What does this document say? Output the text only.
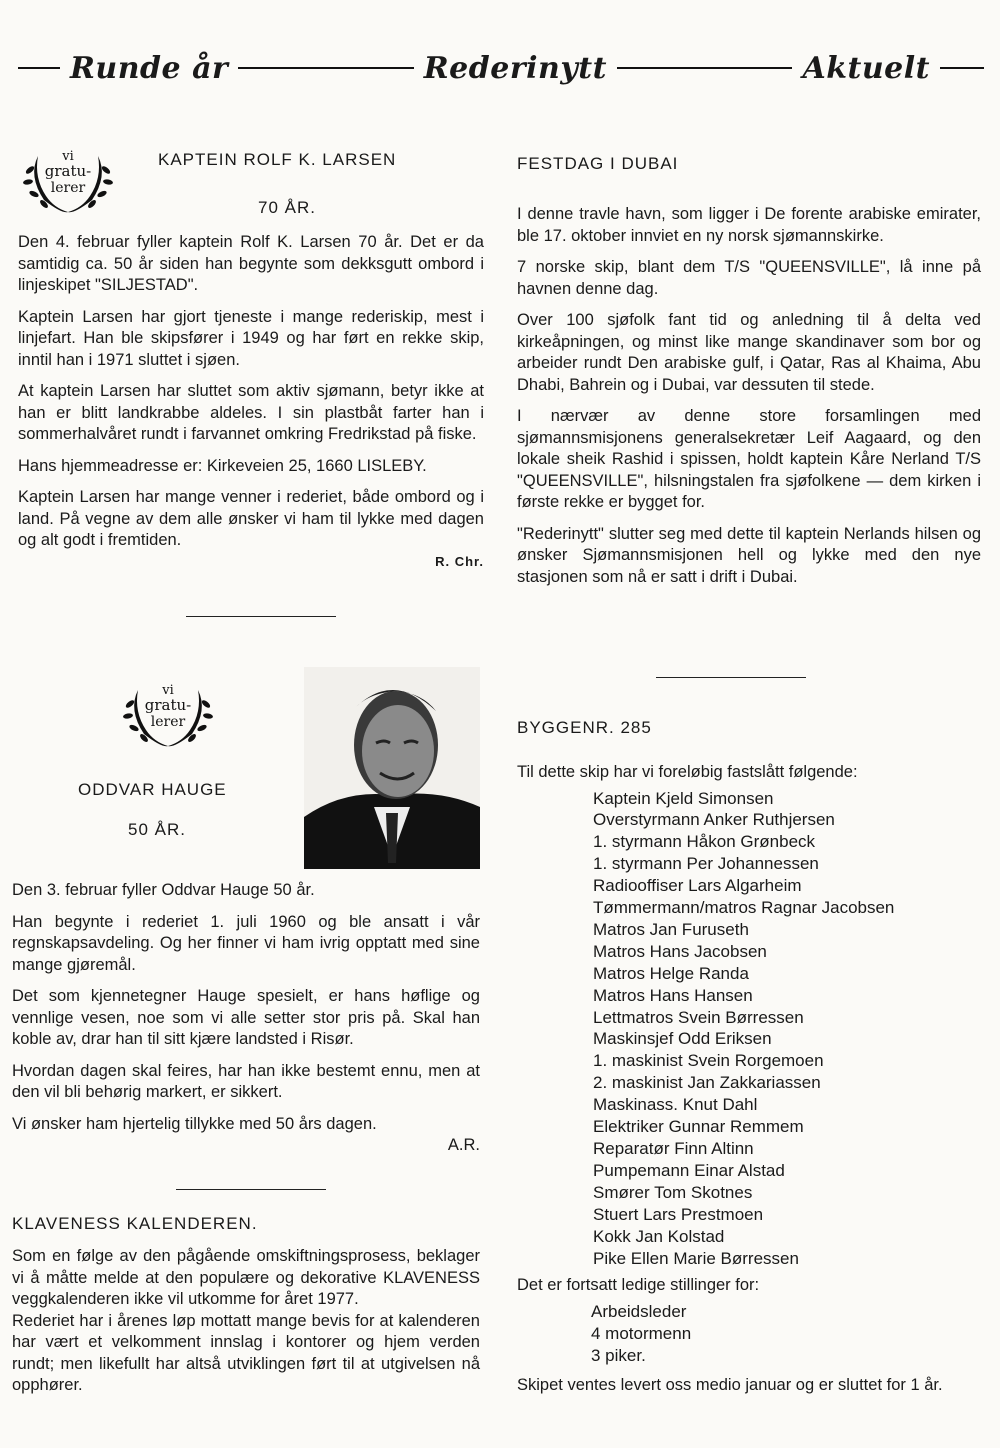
Runde år	Rederinytt	Aktuelt
vi
gratu-
lerer

KAPTEIN ROLF K. LARSEN

70 ÅR.

Den 4. februar fyller kaptein Rolf K. Larsen 70 år. Det er da samtidig ca. 50 år siden han begynte som dekksgutt ombord i linjeskipet "SILJESTAD".

Kaptein Larsen har gjort tjeneste i mange rederiskip, mest i linjefart. Han ble skipsfører i 1949 og har ført en rekke skip, inntil han i 1971 sluttet i sjøen.

At kaptein Larsen har sluttet som aktiv sjømann, betyr ikke at han er blitt landkrabbe aldeles. I sin plastbåt farter han i sommerhalvåret rundt i farvannet omkring Fredrikstad på fiske.

Hans hjemmeadresse er: Kirkeveien 25, 1660 LISLEBY.

Kaptein Larsen har mange venner i rederiet, både ombord og i land. På vegne av dem alle ønsker vi ham til lykke med dagen og alt godt i fremtiden.

R. Chr.

vi
gratu-
lerer

ODDVAR HAUGE

50 ÅR.

Den 3. februar fyller Oddvar Hauge 50 år.

Han begynte i rederiet 1. juli 1960 og ble ansatt i vår regnskapsavdeling. Og her finner vi ham ivrig opptatt med sine mange gjøremål.

Det som kjennetegner Hauge spesielt, er hans høflige og vennlige vesen, noe som vi alle setter stor pris på. Skal han koble av, drar han til sitt kjære landsted i Risør.

Hvordan dagen skal feires, har han ikke bestemt ennu, men at den vil bli behørig markert, er sikkert.

Vi ønsker ham hjertelig tillykke med 50 års dagen.

A.R.

KLAVENESS KALENDEREN.

Som en følge av den pågående omskiftningsprosess, beklager vi å måtte melde at den populære og dekorative KLAVENESS veggkalenderen ikke vil utkomme for året 1977.

Rederiet har i årenes løp mottatt mange bevis for at kalenderen har vært et velkomment innslag i kontorer og hjem verden rundt; men likefullt har altså utviklingen ført til at utgivelsen nå opphører.

FESTDAG I DUBAI

I denne travle havn, som ligger i De forente arabiske emirater, ble 17. oktober innviet en ny norsk sjømannskirke.

7 norske skip, blant dem T/S "QUEENSVILLE", lå inne på havnen denne dag.

Over 100 sjøfolk fant tid og anledning til å delta ved kirkeåpningen, og minst like mange skandinaver som bor og arbeider rundt Den arabiske gulf, i Qatar, Ras al Khaima, Abu Dhabi, Bahrein og i Dubai, var dessuten til stede.

I nærvær av denne store forsamlingen med sjømannsmisjonens generalsekretær Leif Aagaard, og den lokale sheik Rashid i spissen, holdt kaptein Kåre Nerland T/S "QUEENSVILLE", hilsningstalen fra sjøfolkene — dem kirken i første rekke er bygget for.

"Rederinytt" slutter seg med dette til kaptein Nerlands hilsen og ønsker Sjømannsmisjonen hell og lykke med den nye stasjonen som nå er satt i drift i Dubai.

BYGGENR. 285

Til dette skip har vi foreløbig fastslått følgende:

Kaptein Kjeld Simonsen
Overstyrmann Anker Ruthjersen
1. styrmann Håkon Grønbeck
1. styrmann Per Johannessen
Radiooffiser Lars Algarheim
Tømmermann/matros Ragnar Jacobsen
Matros Jan Furuseth
Matros Hans Jacobsen
Matros Helge Randa
Matros Hans Hansen
Lettmatros Svein Børressen
Maskinsjef Odd Eriksen
1. maskinist Svein Rorgemoen
2. maskinist Jan Zakkariassen
Maskinass. Knut Dahl
Elektriker Gunnar Remmem
Reparatør Finn Altinn
Pumpemann Einar Alstad
Smører Tom Skotnes
Stuert Lars Prestmoen
Kokk Jan Kolstad
Pike Ellen Marie Børressen

Det er fortsatt ledige stillinger for:

Arbeidsleder
4 motormenn
3 piker.

Skipet ventes levert oss medio januar og er sluttet for 1 år.
